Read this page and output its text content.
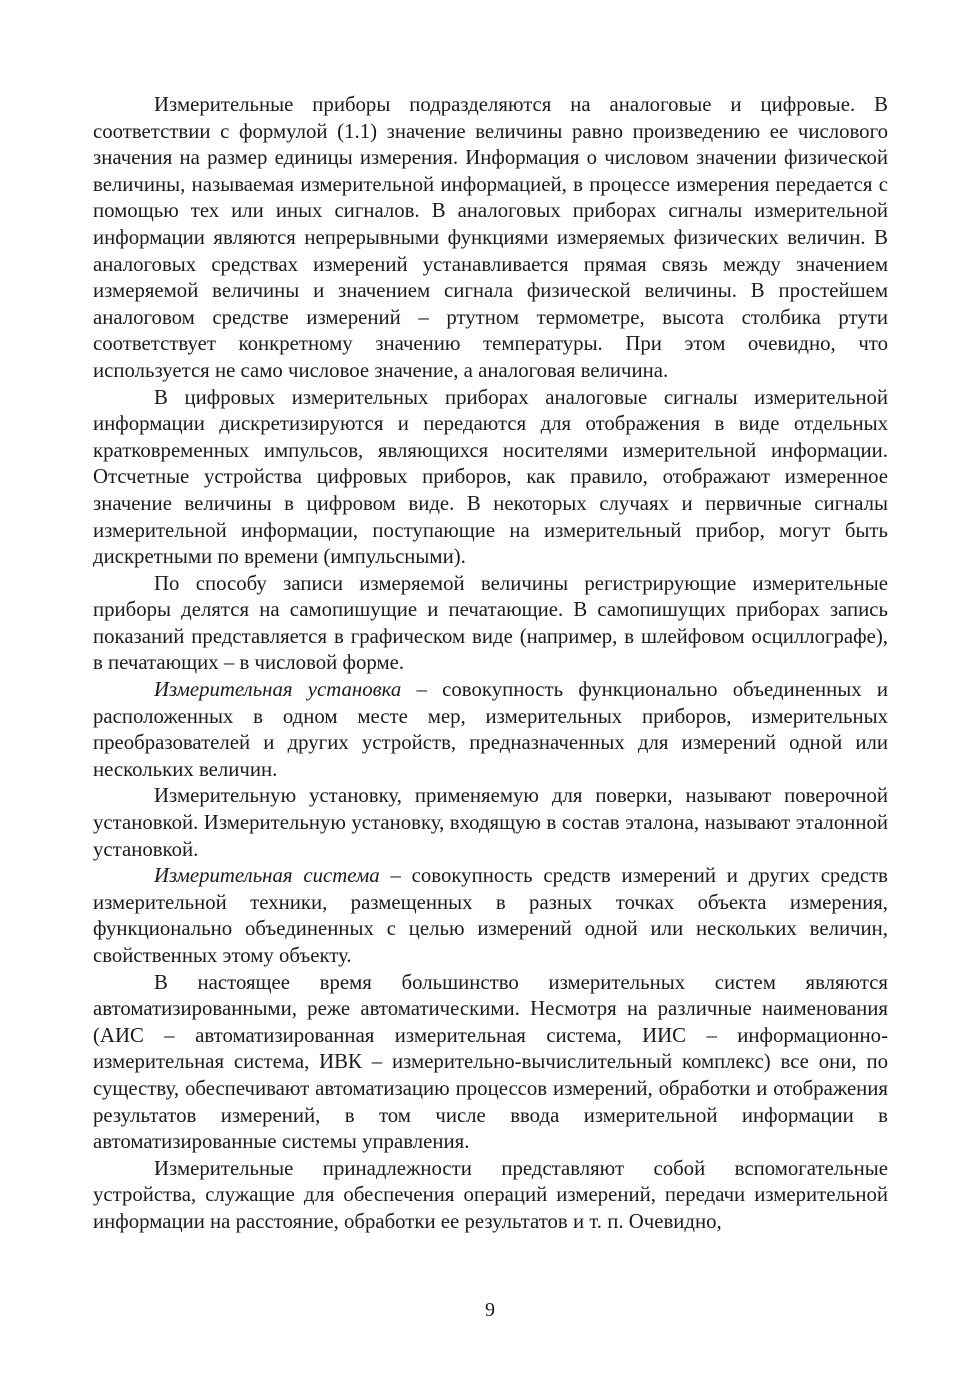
Измерительные приборы подразделяются на аналоговые и цифровые. В соответствии с формулой (1.1) значение величины равно произведению ее числового значения на размер единицы измерения. Информация о числовом значении физической величины, называемая измерительной информацией, в процессе измерения передается с помощью тех или иных сигналов. В аналоговых приборах сигналы измерительной информации являются непрерывными функциями измеряемых физических величин. В аналоговых средствах измерений устанавливается прямая связь между значением измеряемой величины и значением сигнала физической величины. В простейшем аналоговом средстве измерений – ртутном термометре, высота столбика ртути соответствует конкретному значению температуры. При этом очевидно, что используется не само числовое значение, а аналоговая величина.

В цифровых измерительных приборах аналоговые сигналы измерительной информации дискретизируются и передаются для отображения в виде отдельных кратковременных импульсов, являющихся носителями измерительной информации. Отсчетные устройства цифровых приборов, как правило, отображают измеренное значение величины в цифровом виде. В некоторых случаях и первичные сигналы измерительной информации, поступающие на измерительный прибор, могут быть дискретными по времени (импульсными).

По способу записи измеряемой величины регистрирующие измерительные приборы делятся на самопишущие и печатающие. В самопишущих приборах запись показаний представляется в графическом виде (например, в шлейфовом осциллографе), в печатающих – в числовой форме.

Измерительная установка – совокупность функционально объединенных и расположенных в одном месте мер, измерительных приборов, измерительных преобразователей и других устройств, предназначенных для измерений одной или нескольких величин.

Измерительную установку, применяемую для поверки, называют поверочной установкой. Измерительную установку, входящую в состав эталона, называют эталонной установкой.

Измерительная система – совокупность средств измерений и других средств измерительной техники, размещенных в разных точках объекта измерения, функционально объединенных с целью измерений одной или нескольких величин, свойственных этому объекту.

В настоящее время большинство измерительных систем являются автоматизированными, реже автоматическими. Несмотря на различные наименования (АИС – автоматизированная измерительная система, ИИС – информационно-измерительная система, ИВК – измерительно-вычислительный комплекс) все они, по существу, обеспечивают автоматизацию процессов измерений, обработки и отображения результатов измерений, в том числе ввода измерительной информации в автоматизированные системы управления.

Измерительные принадлежности представляют собой вспомогательные устройства, служащие для обеспечения операций измерений, передачи измерительной информации на расстояние, обработки ее результатов и т. п. Очевидно,

9
